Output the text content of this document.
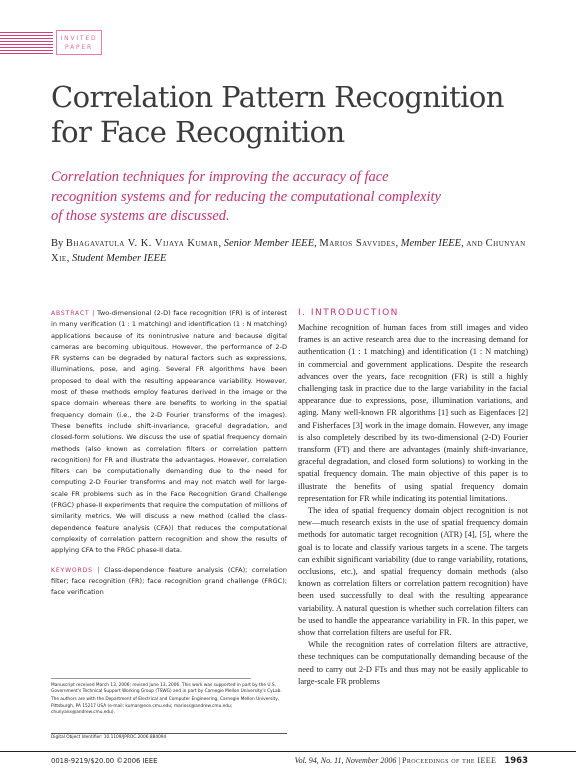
INVITED
PAPER
Correlation Pattern Recognition for Face Recognition
Correlation techniques for improving the accuracy of face recognition systems and for reducing the computational complexity of those systems are discussed.
By Bhagavatula V. K. Vijaya Kumar, Senior Member IEEE, Marios Savvides, Member IEEE, and Chunyan Xie, Student Member IEEE
ABSTRACT | Two-dimensional (2-D) face recognition (FR) is of interest in many verification (1 : 1 matching) and identification (1 : N matching) applications because of its nonintrusive nature and because digital cameras are becoming ubiquitous. However, the performance of 2-D FR systems can be degraded by natural factors such as expressions, illuminations, pose, and aging. Several FR algorithms have been proposed to deal with the resulting appearance variability. However, most of these methods employ features derived in the image or the space domain whereas there are benefits to working in the spatial frequency domain (i.e., the 2-D Fourier transforms of the images). These benefits include shift-invariance, graceful degradation, and closed-form solutions. We discuss the use of spatial frequency domain methods (also known as correlation filters or correlation pattern recognition) for FR and illustrate the advantages. However, correlation filters can be computationally demanding due to the need for computing 2-D Fourier transforms and may not match well for large-scale FR problems such as in the Face Recognition Grand Challenge (FRGC) phase-II experiments that require the computation of millions of similarity metrics. We will discuss a new method (called the class-dependence feature analysis (CFA)) that reduces the computational complexity of correlation pattern recognition and show the results of applying CFA to the FRGC phase-II data.
KEYWORDS | Class-dependence feature analysis (CFA); correlation filter; face recognition (FR); face recognition grand challenge (FRGC); face verification

Manuscript received March 13, 2006; revised June 13, 2006. This work was supported in part by the U.S. Government's Technical Support Working Group (TSWG) and in part by Carnegie Mellon University's CyLab.

The authors are with the Department of Electrical and Computer Engineering, Carnegie Mellon University, Pittsburgh, PA 15217 USA (e-mail: kumar@ece.cmu.edu; marioss@andrew.cmu.edu; chunyanx@andrew.cmu.edu).

Digital Object Identifier: 10.1109/JPROC.2006.884094
I. INTRODUCTION

Machine recognition of human faces from still images and video frames is an active research area due to the increasing demand for authentication (1 : 1 matching) and identification (1 : N matching) in commercial and government applications. Despite the research advances over the years, face recognition (FR) is still a highly challenging task in practice due to the large variability in the facial appearance due to expressions, pose, illumination variations, and aging. Many well-known FR algorithms [1] such as Eigenfaces [2] and Fisherfaces [3] work in the image domain. However, any image is also completely described by its two-dimensional (2-D) Fourier transform (FT) and there are advantages (mainly shift-invariance, graceful degradation, and closed form solutions) to working in the spatial frequency domain. The main objective of this paper is to illustrate the benefits of using spatial frequency domain representation for FR while indicating its potential limitations.

The idea of spatial frequency domain object recognition is not new—much research exists in the use of spatial frequency domain methods for automatic target recognition (ATR) [4], [5], where the goal is to locate and classify various targets in a scene. The targets can exhibit significant variability (due to range variability, rotations, occlusions, etc.), and spatial frequency domain methods (also known as correlation filters or correlation pattern recognition) have been used successfully to deal with the resulting appearance variability. A natural question is whether such correlation filters can be used to handle the appearance variability in FR. In this paper, we show that correlation filters are useful for FR.

While the recognition rates of correlation filters are attractive, these techniques can be computationally demanding because of the need to carry out 2-D FTs and thus may not be easily applicable to large-scale FR problems

0018-9219/$20.00 ©2006 IEEE	Vol. 94, No. 11, November 2006 | Proceedings of the IEEE 1963
